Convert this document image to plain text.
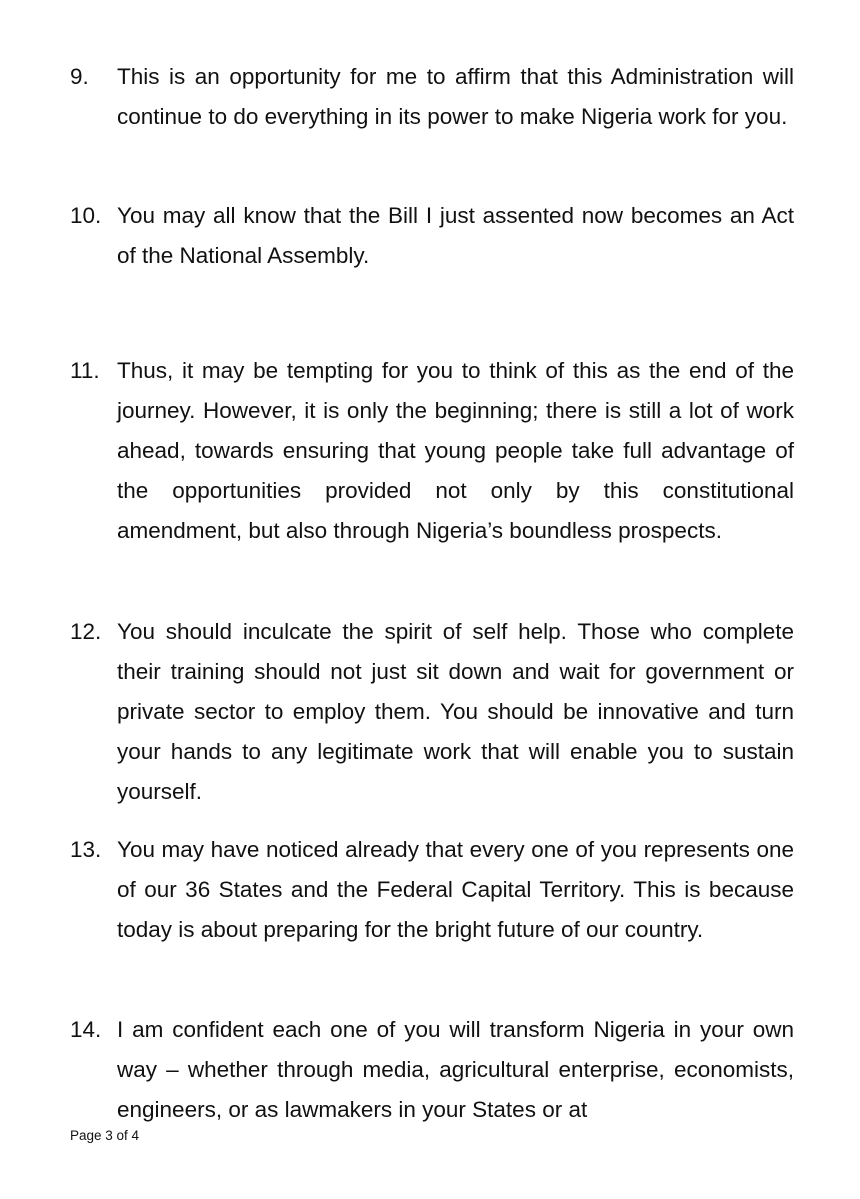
9.	This is an opportunity for me to affirm that this Administration will continue to do everything in its power to make Nigeria work for you.
10. You may all know that the Bill I just assented now becomes an Act of the National Assembly.
11. Thus, it may be tempting for you to think of this as the end of the journey. However, it is only the beginning; there is still a lot of work ahead, towards ensuring that young people take full advantage of the opportunities provided not only by this constitutional amendment, but also through Nigeria’s boundless prospects.
12. You should inculcate the spirit of self help. Those who complete their training should not just sit down and wait for government or private sector to employ them. You should be innovative and turn your hands to any legitimate work that will enable you to sustain yourself.
13. You may have noticed already that every one of you represents one of our 36 States and the Federal Capital Territory. This is because today is about preparing for the bright future of our country.
14. I am confident each one of you will transform Nigeria in your own way – whether through media, agricultural enterprise, economists, engineers, or as lawmakers in your States or at
Page 3 of 4
